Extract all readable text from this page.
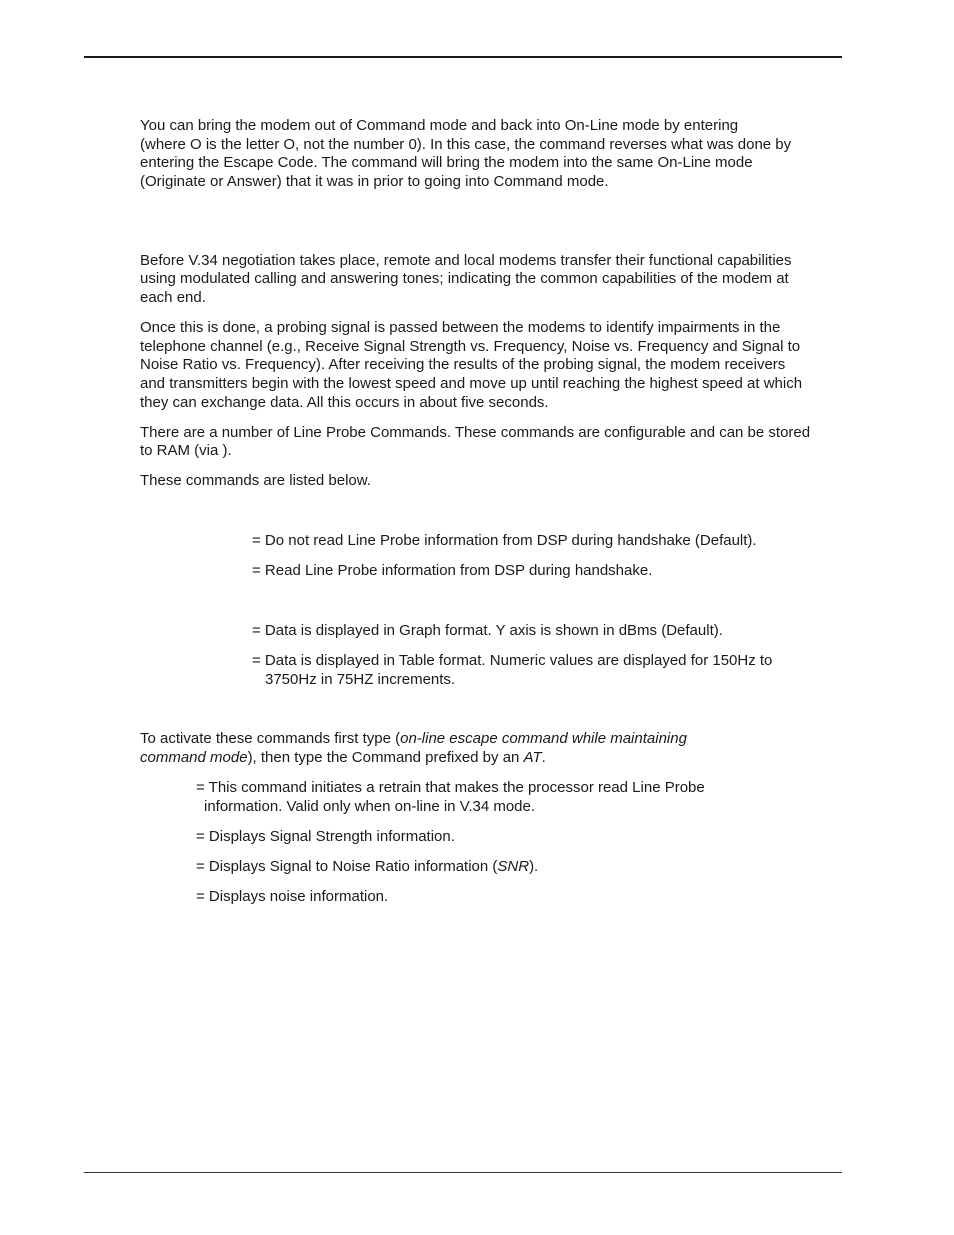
You can bring the modem out of Command mode and back into On-Line mode by entering

(where O is the letter O, not the number 0). In this case, the command reverses what was done by

entering the Escape Code. The command will bring the modem into the same On-Line mode

(Originate or Answer) that it was in prior to going into Command mode.

Before V.34 negotiation takes place, remote and local modems transfer their functional capabilities

using modulated calling and answering tones; indicating the common capabilities of the modem at

each end.

Once this is done, a probing signal is passed between the modems to identify impairments in the

telephone channel (e.g., Receive Signal Strength vs. Frequency, Noise vs. Frequency and Signal to

Noise Ratio vs. Frequency). After receiving the results of the probing signal, the modem receivers

and transmitters begin with the lowest speed and move up until reaching the highest speed at which

they can exchange data. All this occurs in about five seconds.

There are a number of Line Probe Commands. These commands are configurable and can be stored

to RAM (via ).

These commands are listed below.

= Do not read Line Probe information from DSP during handshake (Default).

= Read Line Probe information from DSP during handshake.

= Data is displayed in Graph format. Y axis is shown in dBms (Default).

= Data is displayed in Table format. Numeric values are displayed for 150Hz to

3750Hz in 75HZ increments.

To activate these commands first type (on-line escape command while maintaining

command mode), then type the Command prefixed by an AT.

= This command initiates a retrain that makes the processor read Line Probe

information. Valid only when on-line in V.34 mode.

= Displays Signal Strength information.

= Displays Signal to Noise Ratio information (SNR).

= Displays noise information.
